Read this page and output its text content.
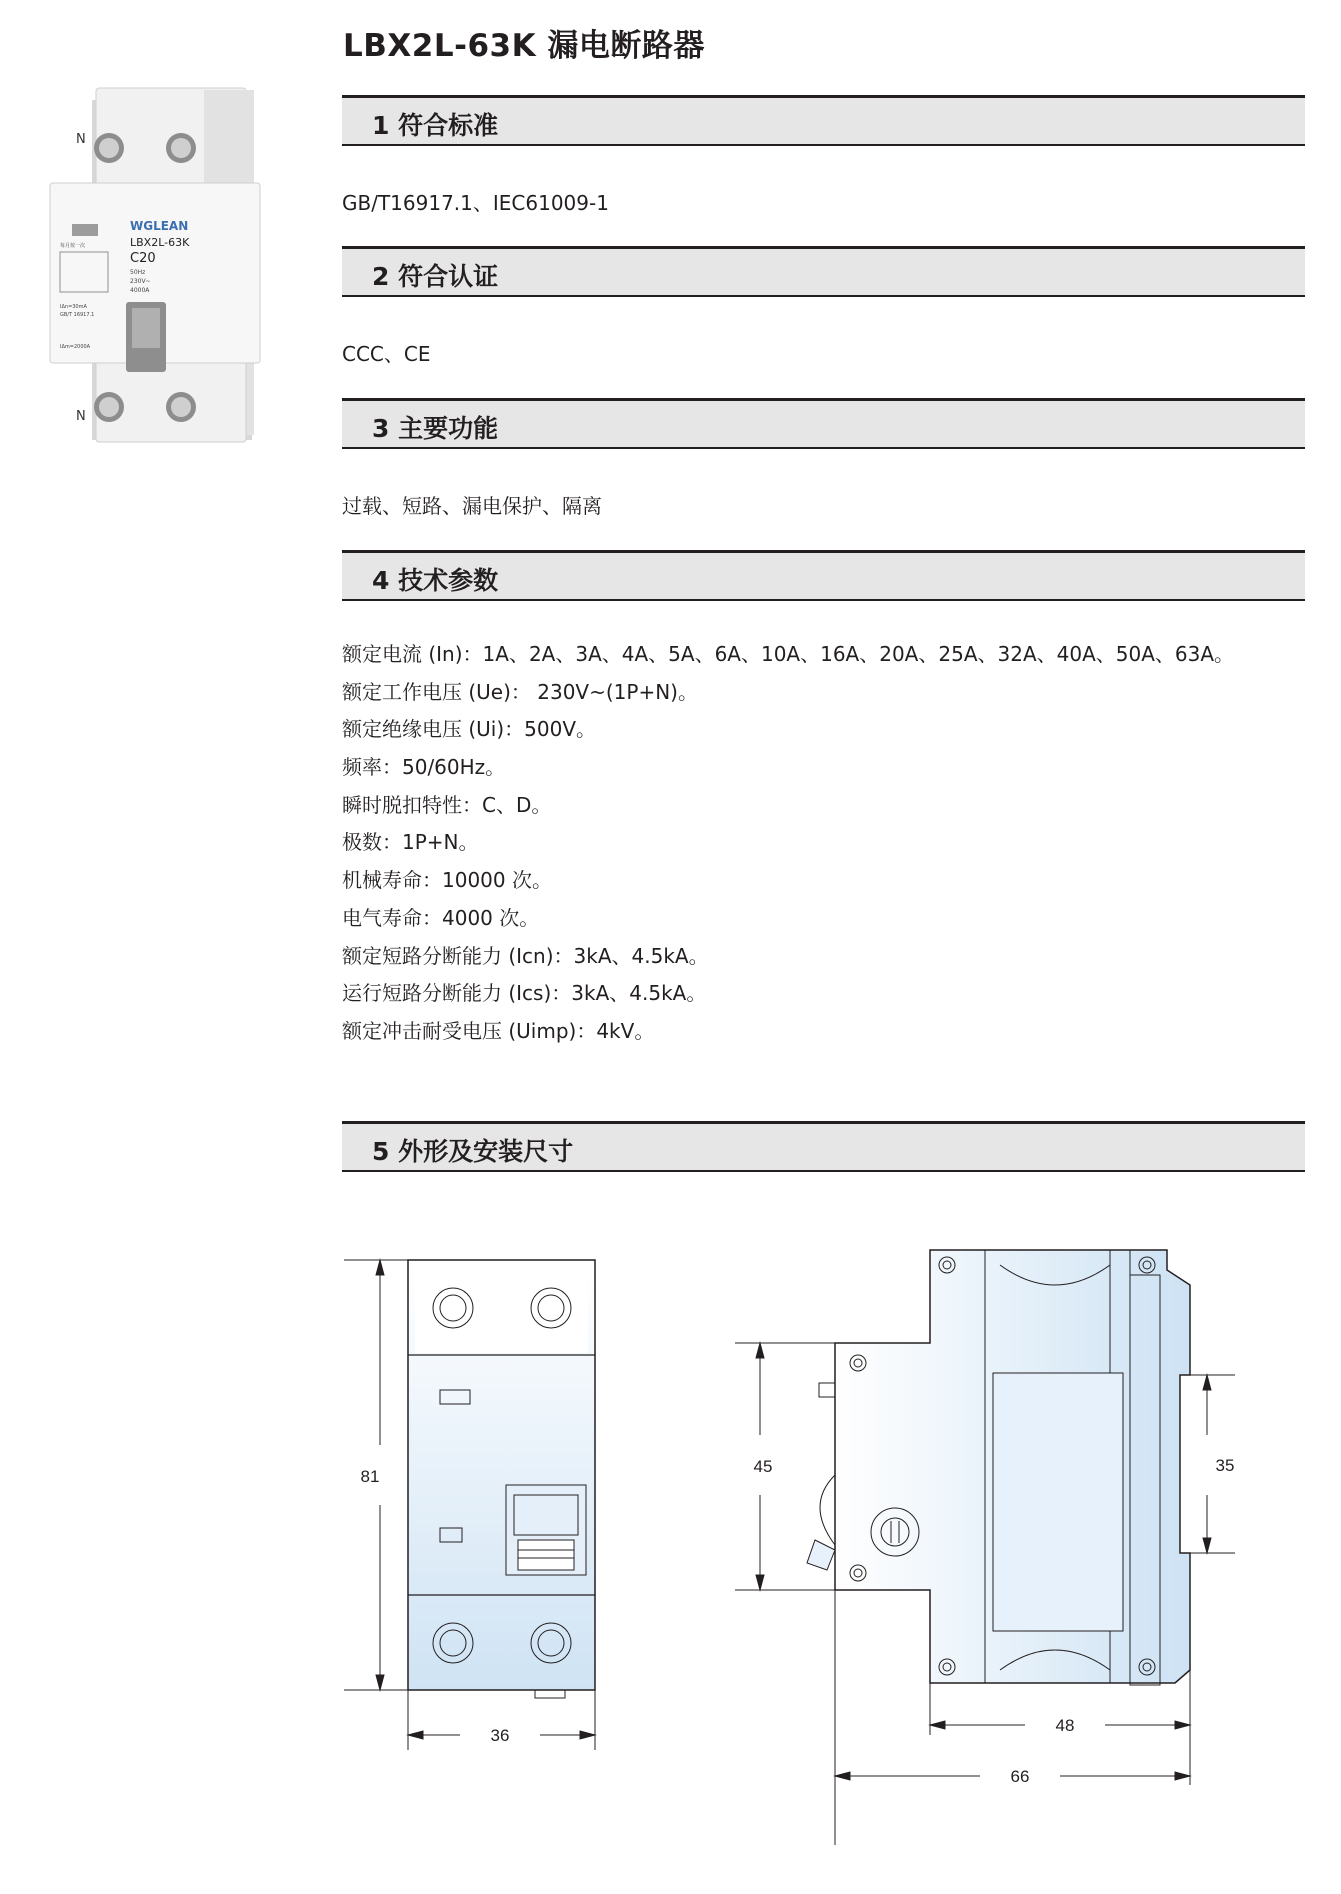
LBX2L-63K 漏电断路器
N
N
WGLEAN
LBX2L-63K
C20
每月按一次
50Hz
230V~
4000A
IΔn=30mA
GB/T 16917.1
IΔm=2000A
1 符合标准
GB/T16917.1、IEC61009-1
2 符合认证
CCC、CE
3 主要功能
过载、短路、漏电保护、隔离
4 技术参数
额定电流 (In)：1A、2A、3A、4A、5A、6A、10A、16A、20A、25A、32A、40A、50A、63A。
额定工作电压 (Ue)： 230V~(1P+N)。
额定绝缘电压 (Ui)：500V。
频率：50/60Hz。
瞬时脱扣特性：C、D。
极数：1P+N。
机械寿命：10000 次。
电气寿命：4000 次。
额定短路分断能力 (Icn)：3kA、4.5kA。
运行短路分断能力 (Ics)：3kA、4.5kA。
额定冲击耐受电压 (Uimp)：4kV。
5 外形及安装尺寸
81
36
45	35
48
66
